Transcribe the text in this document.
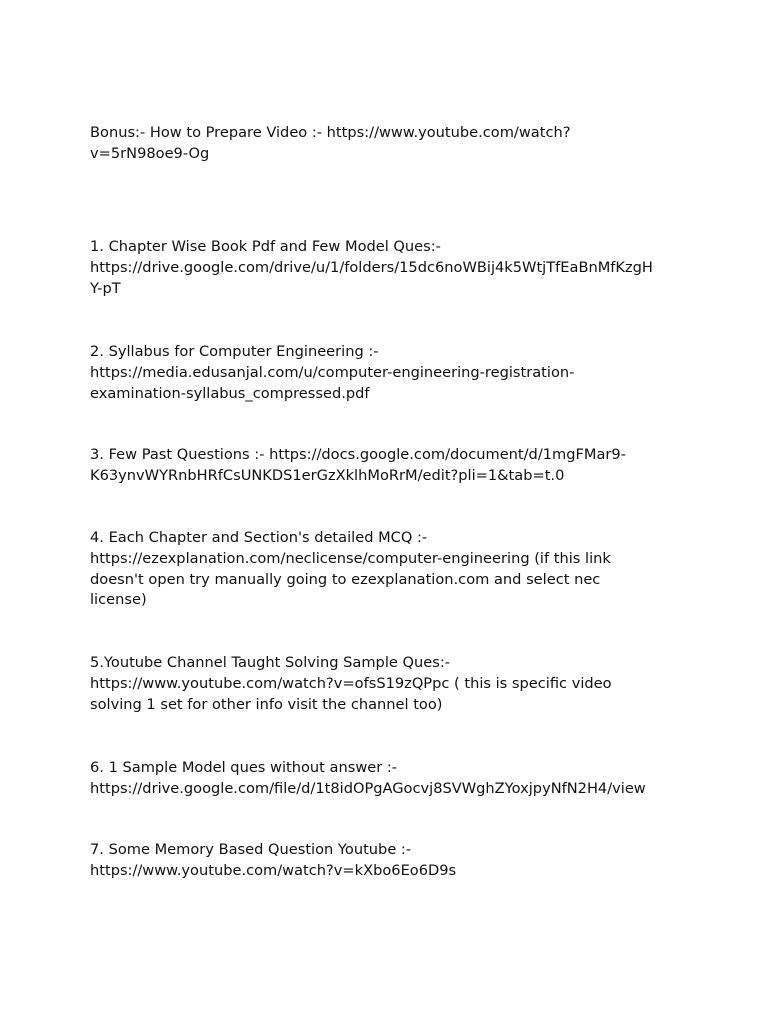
Bonus:- How to Prepare Video :- https://www.youtube.com/watch?
v=5rN98oe9-Og

1. Chapter Wise Book Pdf and Few Model Ques:-
https://drive.google.com/drive/u/1/folders/15dc6noWBij4k5WtjTfEaBnMfKzgH
Y-pT

2. Syllabus for Computer Engineering :-
https://media.edusanjal.com/u/computer-engineering-registration-
examination-syllabus_compressed.pdf

3. Few Past Questions :- https://docs.google.com/document/d/1mgFMar9-
K63ynvWYRnbHRfCsUNKDS1erGzXklhMoRrM/edit?pli=1&tab=t.0

4. Each Chapter and Section's detailed MCQ :-
https://ezexplanation.com/neclicense/computer-engineering (if this link
doesn't open try manually going to ezexplanation.com and select nec
license)

5.Youtube Channel Taught Solving Sample Ques:-
https://www.youtube.com/watch?v=ofsS19zQPpc ( this is specific video
solving 1 set for other info visit the channel too)

6. 1 Sample Model ques without answer :-
https://drive.google.com/file/d/1t8idOPgAGocvj8SVWghZYoxjpyNfN2H4/view

7. Some Memory Based Question Youtube :-
https://www.youtube.com/watch?v=kXbo6Eo6D9s
